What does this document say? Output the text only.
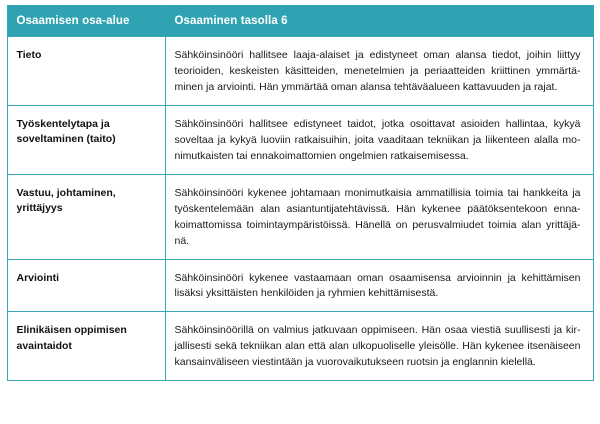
Osaamisen osa-alue	Osaaminen tasolla 6
Tieto	Sähköinsinööri hallitsee laaja-alaiset ja edistyneet oman alansa tiedot, joihin liittyy teorioiden, keskeisten käsitteiden, menetelmien ja periaatteiden kriittinen ymmärtä-minen ja arviointi. Hän ymmärtää oman alansa tehtäväalueen kattavuuden ja rajat.
Työskentelytapa ja soveltaminen (taito)	Sähköinsinööri hallitsee edistyneet taidot, jotka osoittavat asioiden hallintaa, kykyä soveltaa ja kykyä luoviin ratkaisuihin, joita vaaditaan tekniikan ja liikenteen alalla mo-nimutkaisten tai ennakoimattomien ongelmien ratkaisemisessa.
Vastuu, johtaminen, yrittäjyys	Sähköinsinööri kykenee johtamaan monimutkaisia ammatillisia toimia tai hankkeita ja työskentelemään alan asiantuntijatehtävissä. Hän kykenee päätöksentekoon enna-koimattomissa toimintaympäristöissä. Hänellä on perusvalmiudet toimia alan yrittäjä-nä.
Arviointi	Sähköinsinööri kykenee vastaamaan oman osaamisensa arvioinnin ja kehittämisen lisäksi yksittäisten henkilöiden ja ryhmien kehittämisestä.
Elinikäisen oppimisen avaintaidot	Sähköinsinöörillä on valmius jatkuvaan oppimiseen. Hän osaa viestiä suullisesti ja kir-jallisesti sekä tekniikan alan että alan ulkopuoliselle yleisölle. Hän kykenee itsenäiseen kansainväliseen viestintään ja vuorovaikutukseen ruotsin ja englannin kielellä.
